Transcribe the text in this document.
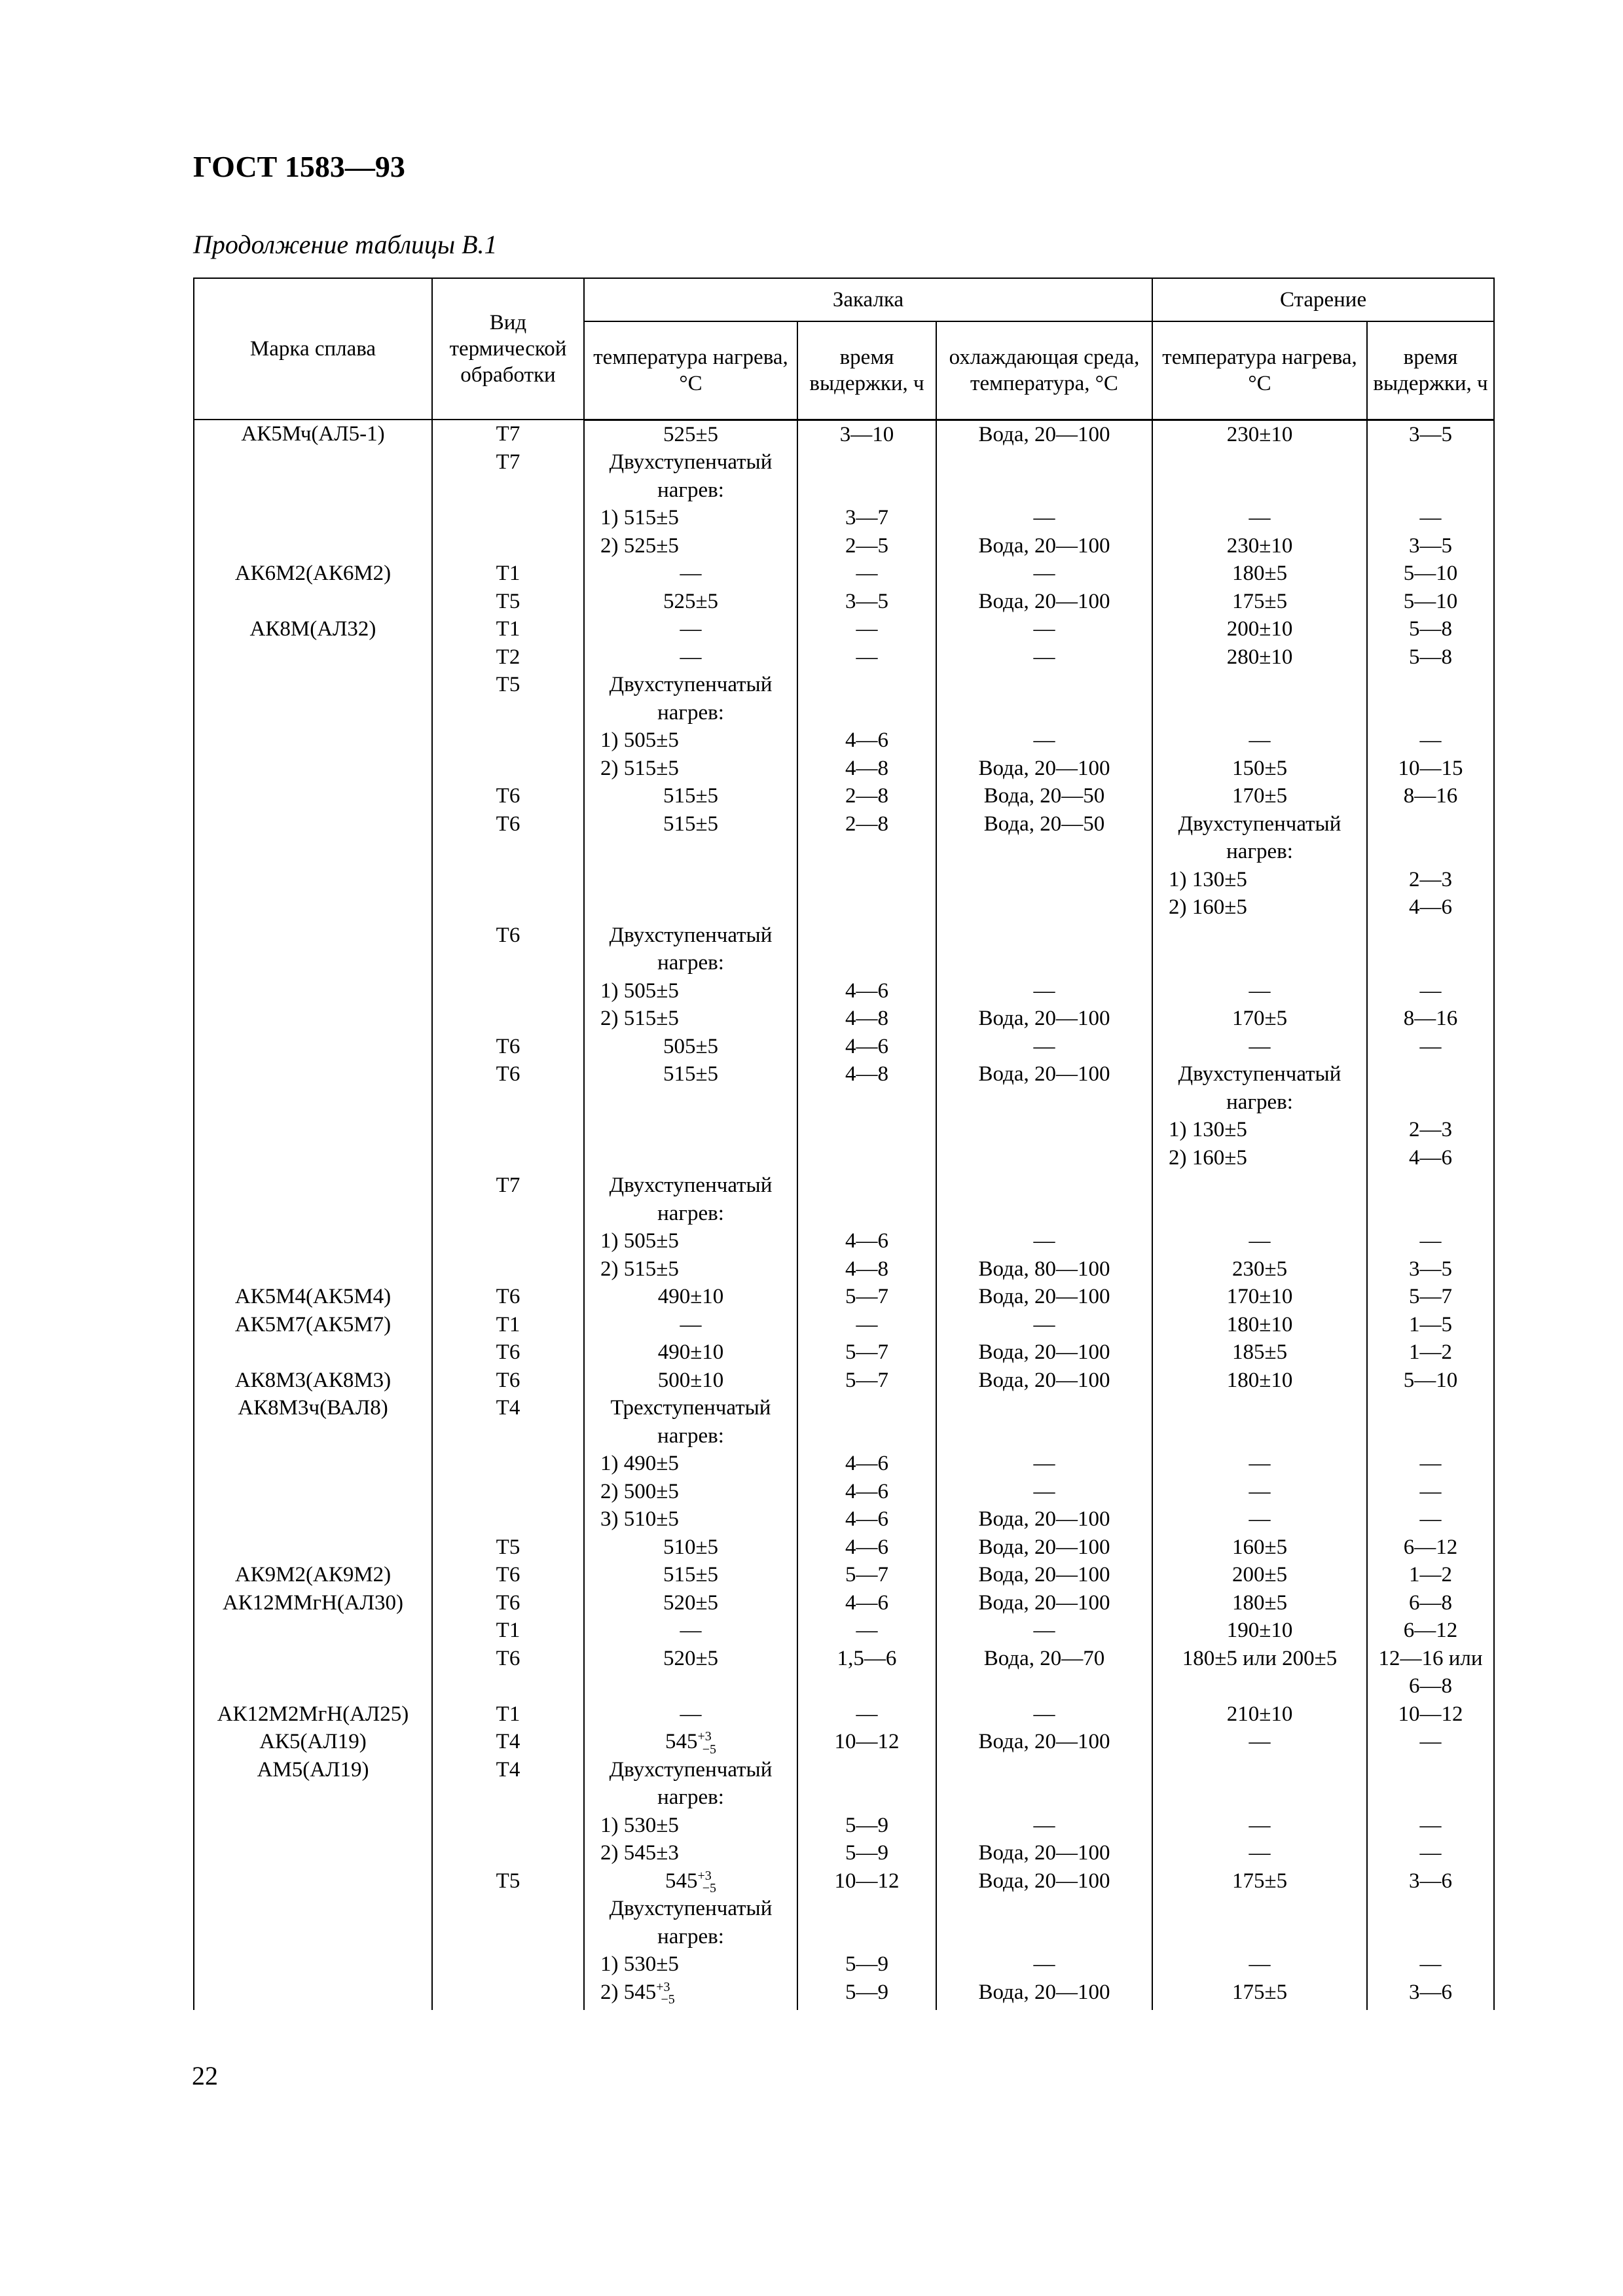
ГОСТ 1583—93
Продолжение таблицы В.1
Марка сплава	Вид термической обработки	Закалка			Старение	
		температура нагрева, °С	время выдержки, ч	охлаждающая среда, температура, °С	температура нагрева, °С	время выдержки, ч
АК5Мч(АЛ5-1)	Т7	525±5	3—10	Вода, 20—100	230±10	3—5
	Т7	Двухступенчатый				
		нагрев:				
		1) 515±5	3—7	—	—	—
		2) 525±5	2—5	Вода, 20—100	230±10	3—5
АК6М2(АК6М2)	Т1	—	—	—	180±5	5—10
	Т5	525±5	3—5	Вода, 20—100	175±5	5—10
АК8М(АЛ32)	Т1	—	—	—	200±10	5—8
	Т2	—	—	—	280±10	5—8
	Т5	Двухступенчатый				
		нагрев:				
		1) 505±5	4—6	—	—	—
		2) 515±5	4—8	Вода, 20—100	150±5	10—15
	Т6	515±5	2—8	Вода, 20—50	170±5	8—16
	Т6	515±5	2—8	Вода, 20—50	Двухступенчатый	
					нагрев:	
					1) 130±5	2—3
					2) 160±5	4—6
	Т6	Двухступенчатый				
		нагрев:				
		1) 505±5	4—6	—	—	—
		2) 515±5	4—8	Вода, 20—100	170±5	8—16
	Т6	505±5	4—6	—	—	—
	Т6	515±5	4—8	Вода, 20—100	Двухступенчатый	
					нагрев:	
					1) 130±5	2—3
					2) 160±5	4—6
	Т7	Двухступенчатый				
		нагрев:				
		1) 505±5	4—6	—	—	—
		2) 515±5	4—8	Вода, 80—100	230±5	3—5
АК5М4(АК5М4)	Т6	490±10	5—7	Вода, 20—100	170±10	5—7
АК5М7(АК5М7)	Т1	—	—	—	180±10	1—5
	Т6	490±10	5—7	Вода, 20—100	185±5	1—2
АК8М3(АК8М3)	Т6	500±10	5—7	Вода, 20—100	180±10	5—10
АК8М3ч(ВАЛ8)	Т4	Трехступенчатый				
		нагрев:				
		1) 490±5	4—6	—	—	—
		2) 500±5	4—6	—	—	—
		3) 510±5	4—6	Вода, 20—100	—	—
	Т5	510±5	4—6	Вода, 20—100	160±5	6—12
АК9М2(АК9М2)	Т6	515±5	5—7	Вода, 20—100	200±5	1—2
АК12ММгН(АЛ30)	Т6	520±5	4—6	Вода, 20—100	180±5	6—8
	Т1	—	—	—	190±10	6—12
	Т6	520±5	1,5—6	Вода, 20—70	180±5 или 200±5	12—16 или
						6—8
АК12М2МгН(АЛ25)	Т1	—	—	—	210±10	10—12
АК5(АЛ19)	Т4	$545^{+3}_{-5}$	10—12	Вода, 20—100	—	—
АМ5(АЛ19)	Т4	Двухступенчатый				
		нагрев:				
		1) 530±5	5—9	—	—	—
		2) 545±3	5—9	Вода, 20—100	—	—
	Т5	$545^{+3}_{-5}$	10—12	Вода, 20—100	175±5	3—6
		Двухступенчатый				
		нагрев:				
		1) 530±5	5—9	—	—	—
		2) $545^{+3}_{-5}$	5—9	Вода, 20—100	175±5	3—6
22
